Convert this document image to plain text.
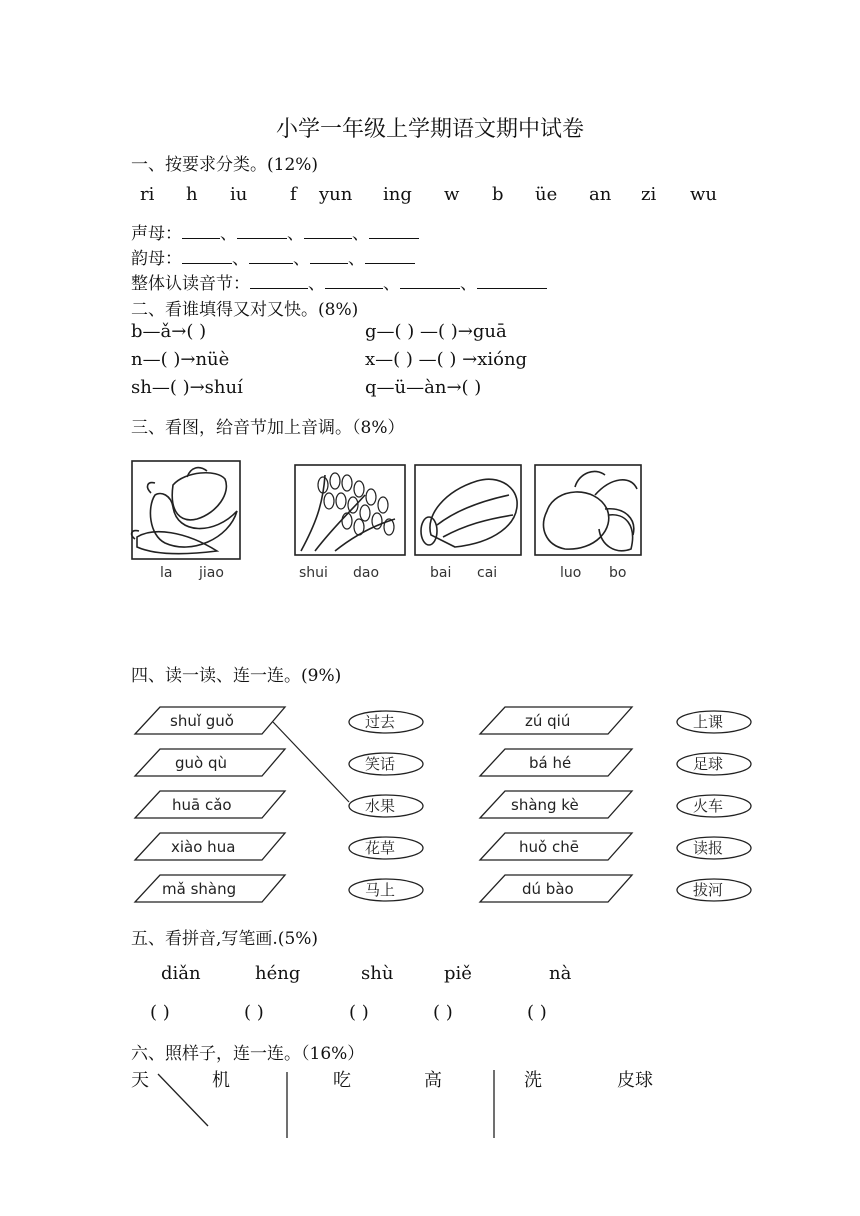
小学一年级上学期语文期中试卷
一、按要求分类。(12%)
ri h iu f yun ing w b üe an zi wu
声母： 、	、	、
韵母：	、	、 、
整体认读音节：	、	、	、
二、看谁填得又对又快。(8%)
b—ǎ→( )	g—( ) —( )→guā
n—( )→nüè	x—( ) —( ) →xióng
sh—( )→shuí	q—ü—àn→( )
三、看图，给音节加上音调。（8%）
la jiao	shui dao	bai cai	luo bo
四、读一读、连一连。(9%)
shuǐ guǒ
guò qù
huā cǎo
xiào hua
mǎ shàng
过去
笑话
水果
花草
马上
zú qiú
bá hé
shàng kè
huǒ chē
dú bào
上课
足球
火车
读报
拔河
五、看拼音,写笔画.(5%)
diǎn	héng	shù	piě	nà
( )	( )	( )	( )	( )
六、照样子，连一连。（16%）
天	机	吃	高	洗	皮球
